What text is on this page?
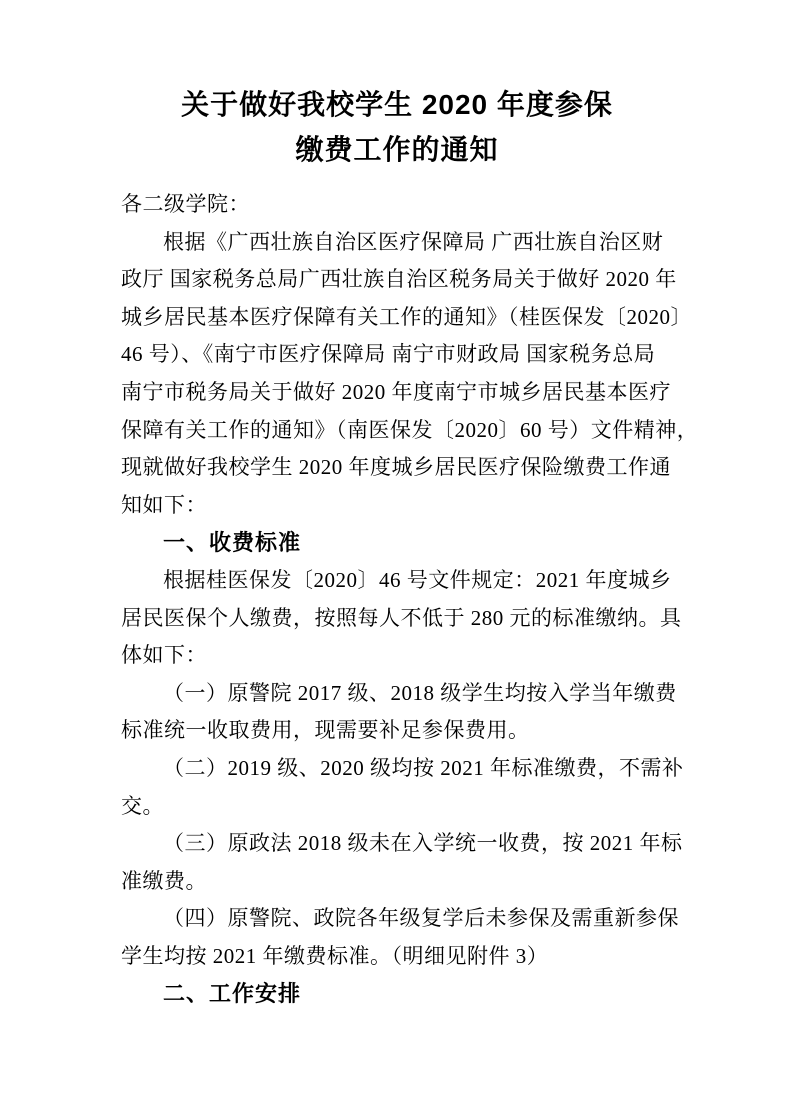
关于做好我校学生 2020 年度参保
缴费工作的通知
各二级学院：
根据《广西壮族自治区医疗保障局 广西壮族自治区财
政厅 国家税务总局广西壮族自治区税务局关于做好 2020 年
城乡居民基本医疗保障有关工作的通知》（桂医保发〔2020〕
46 号）、《南宁市医疗保障局 南宁市财政局 国家税务总局
南宁市税务局关于做好 2020 年度南宁市城乡居民基本医疗
保障有关工作的通知》（南医保发〔2020〕60 号）文件精神，
现就做好我校学生 2020 年度城乡居民医疗保险缴费工作通
知如下：
一、收费标准
根据桂医保发〔2020〕46 号文件规定：2021 年度城乡
居民医保个人缴费，按照每人不低于 280 元的标准缴纳。具
体如下：
（一）原警院 2017 级、2018 级学生均按入学当年缴费
标准统一收取费用，现需要补足参保费用。
（二）2019 级、2020 级均按 2021 年标准缴费，不需补
交。
（三）原政法 2018 级未在入学统一收费，按 2021 年标
准缴费。
（四）原警院、政院各年级复学后未参保及需重新参保
学生均按 2021 年缴费标准。（明细见附件 3）
二、工作安排
